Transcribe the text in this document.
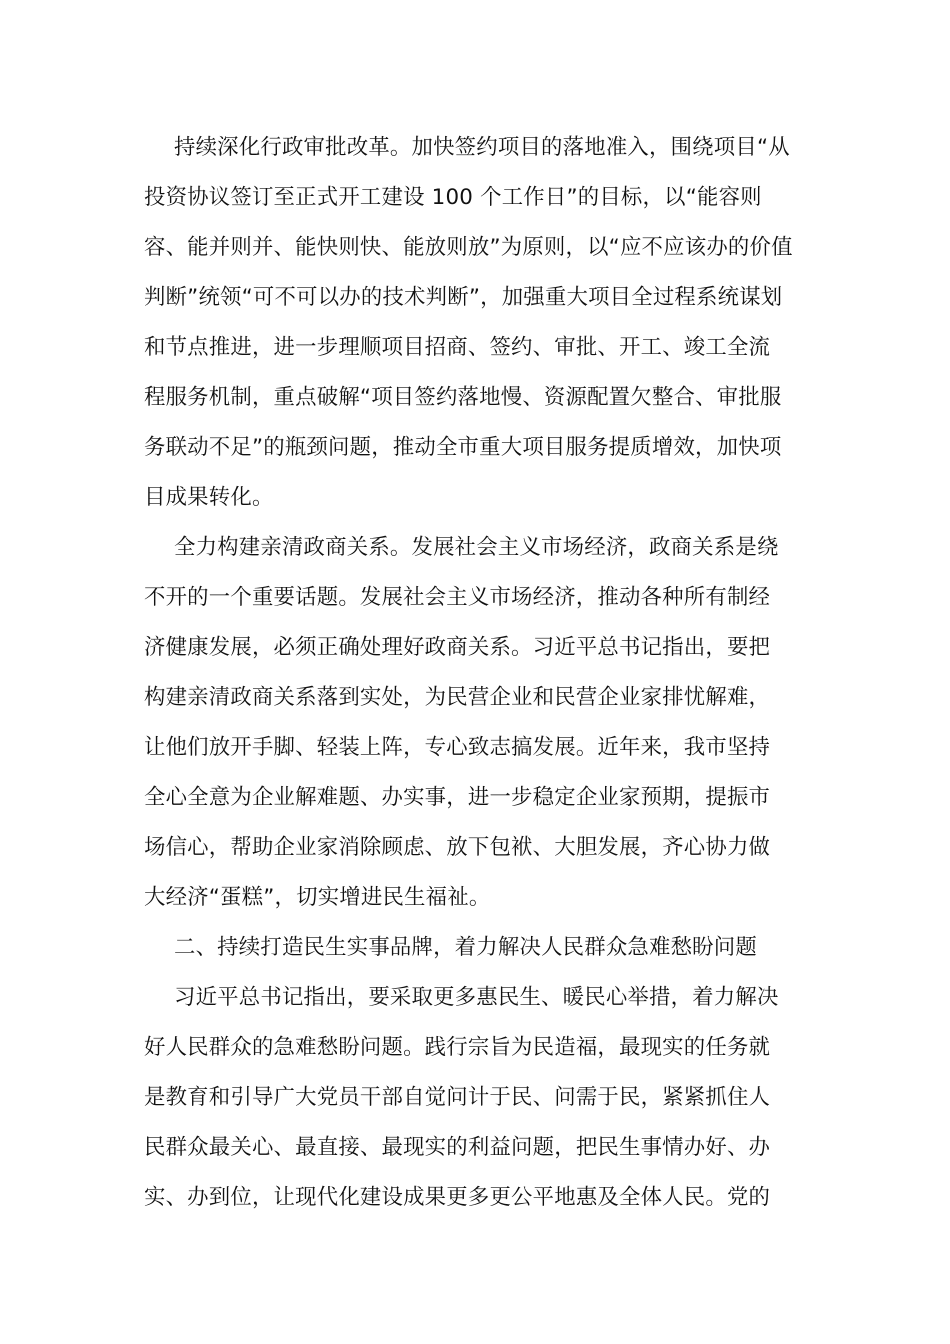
持续深化行政审批改革。加快签约项目的落地准入，围绕项目“从
投资协议签订至正式开工建设 100 个工作日”的目标，以“能容则
容、能并则并、能快则快、能放则放”为原则，以“应不应该办的价值
判断”统领“可不可以办的技术判断”，加强重大项目全过程系统谋划
和节点推进，进一步理顺项目招商、签约、审批、开工、竣工全流
程服务机制，重点破解“项目签约落地慢、资源配置欠整合、审批服
务联动不足”的瓶颈问题，推动全市重大项目服务提质增效，加快项
目成果转化。
全力构建亲清政商关系。发展社会主义市场经济，政商关系是绕
不开的一个重要话题。发展社会主义市场经济，推动各种所有制经
济健康发展，必须正确处理好政商关系。习近平总书记指出，要把
构建亲清政商关系落到实处，为民营企业和民营企业家排忧解难，
让他们放开手脚、轻装上阵，专心致志搞发展。近年来，我市坚持
全心全意为企业解难题、办实事，进一步稳定企业家预期，提振市
场信心，帮助企业家消除顾虑、放下包袱、大胆发展，齐心协力做
大经济“蛋糕”，切实增进民生福祉。
二、持续打造民生实事品牌，着力解决人民群众急难愁盼问题
习近平总书记指出，要采取更多惠民生、暖民心举措，着力解决
好人民群众的急难愁盼问题。践行宗旨为民造福，最现实的任务就
是教育和引导广大党员干部自觉问计于民、问需于民，紧紧抓住人
民群众最关心、最直接、最现实的利益问题，把民生事情办好、办
实、办到位，让现代化建设成果更多更公平地惠及全体人民。党的
